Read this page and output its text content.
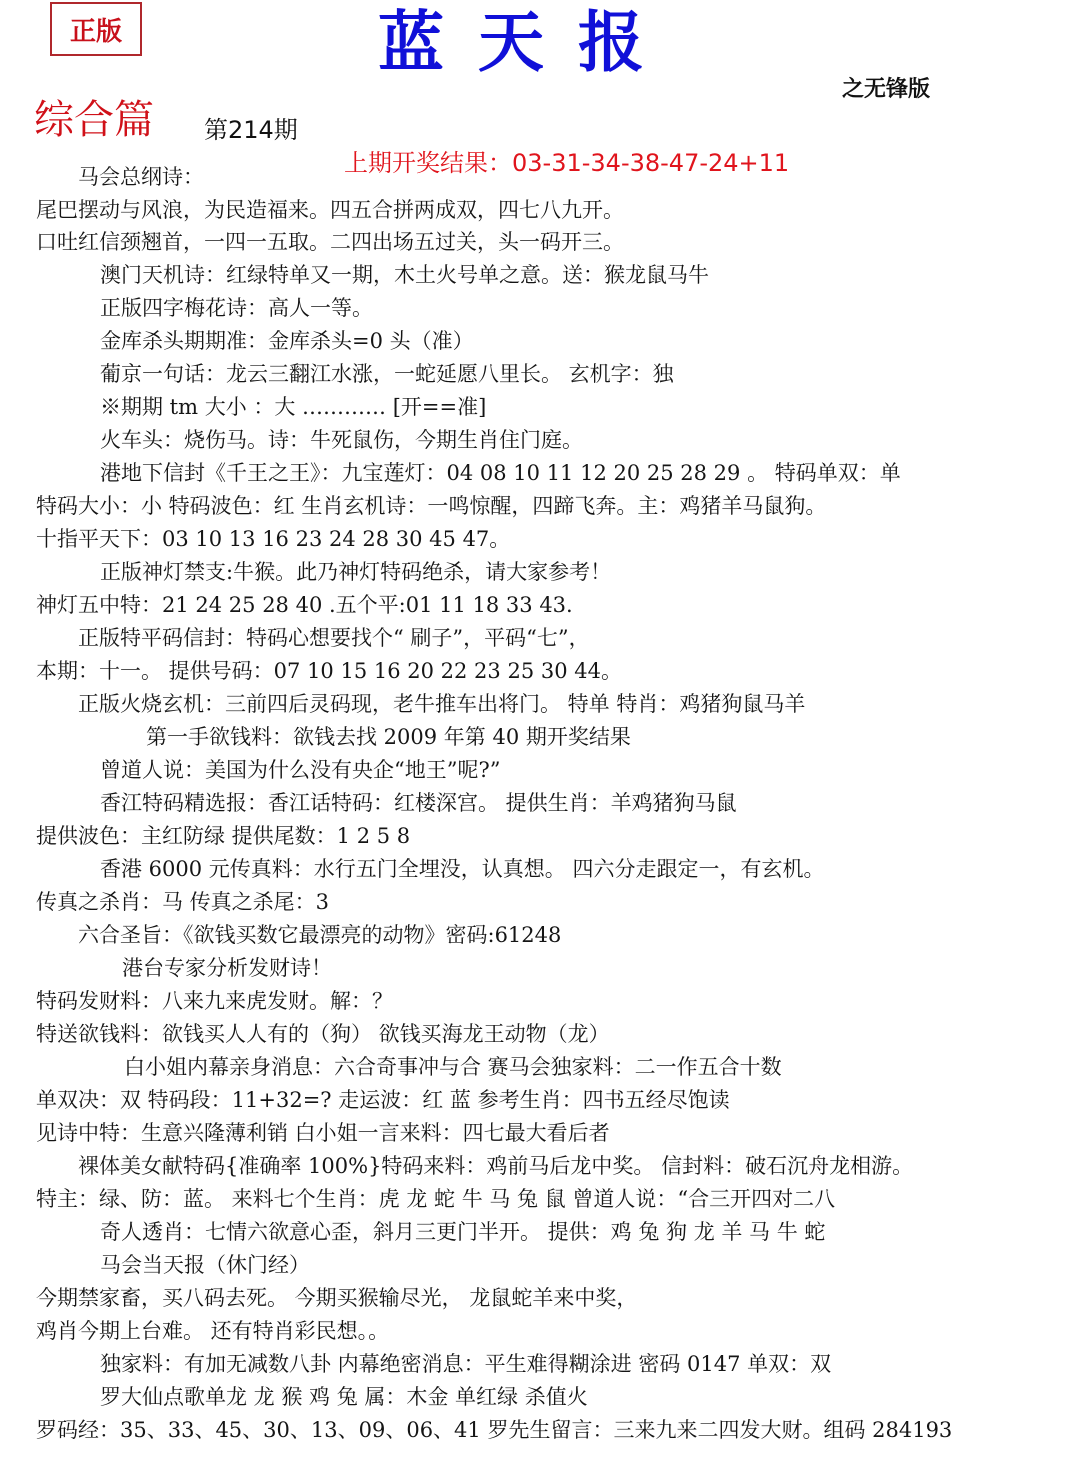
正版	蓝天报
之无锋版
综合篇 第214期
上期开奖结果：03-31-34-38-47-24+11
马会总纲诗：
尾巴摆动与风浪，为民造福来。四五合拼两成双，四七八九开。
口吐红信颈翘首，一四一五取。二四出场五过关，头一码开三。
澳门天机诗：红绿特单又一期，木土火号单之意。送：猴龙鼠马牛
正版四字梅花诗：高人一等。
金库杀头期期准：金库杀头=0 头（准）
葡京一句话：龙云三翻江水涨，一蛇延愿八里长。 玄机字：独
※期期 tm 大小 ：大 ………… [开==准]
火车头：烧伤马。诗：牛死鼠伤，今期生肖住门庭。
港地下信封《千王之王》：九宝莲灯：04 08 10 11 12 20 25 28 29 。 特码单双：单
特码大小：小 特码波色：红 生肖玄机诗：一鸣惊醒，四蹄飞奔。主：鸡猪羊马鼠狗。
十指平天下：03 10 13 16 23 24 28 30 45 47。
正版神灯禁支:牛猴。此乃神灯特码绝杀，请大家参考！
神灯五中特：21 24 25 28 40 .五个平:01 11 18 33 43.
正版特平码信封：特码心想要找个“ 刷子”，平码“七”，
本期：十一。 提供号码：07 10 15 16 20 22 23 25 30 44。
正版火烧玄机：三前四后灵码现，老牛推车出将门。 特单 特肖：鸡猪狗鼠马羊
第一手欲钱料：欲钱去找 2009 年第 40 期开奖结果
曾道人说：美国为什么没有央企“地王”呢?”
香江特码精选报：香江话特码：红楼深宫。 提供生肖：羊鸡猪狗马鼠
提供波色：主红防绿 提供尾数：1 2 5 8
香港 6000 元传真料：水行五门全埋没，认真想。 四六分走跟定一，有玄机。
传真之杀肖：马 传真之杀尾：3
六合圣旨：《欲钱买数它最漂亮的动物》密码:61248
港台专家分析发财诗！
特码发财料：八来九来虎发财。解：？
特送欲钱料：欲钱买人人有的（狗） 欲钱买海龙王动物（龙）
白小姐内幕亲身消息：六合奇事冲与合 赛马会独家料：二一作五合十数
单双决：双 特码段：11+32=? 走运波：红 蓝 参考生肖：四书五经尽饱读
见诗中特：生意兴隆薄利销 白小姐一言来料：四七最大看后者
裸体美女献特码{准确率 100%}特码来料：鸡前马后龙中奖。 信封料：破石沉舟龙相游。
特主：绿、防：蓝。 来料七个生肖：虎 龙 蛇 牛 马 兔 鼠 曾道人说：“合三开四对二八
奇人透肖：七情六欲意心歪，斜月三更门半开。 提供：鸡 兔 狗 龙 羊 马 牛 蛇
马会当天报（休门经）
今期禁家畜，买八码去死。 今期买猴输尽光， 龙鼠蛇羊来中奖，
鸡肖今期上台难。 还有特肖彩民想。。
独家料：有加无减数八卦 内幕绝密消息：平生难得糊涂进 密码 0147 单双：双
罗大仙点歌单龙 龙 猴 鸡 兔 属：木金 单红绿 杀值火
罗码经：35、33、45、30、13、09、06、41 罗先生留言：三来九来二四发大财。组码 284193
